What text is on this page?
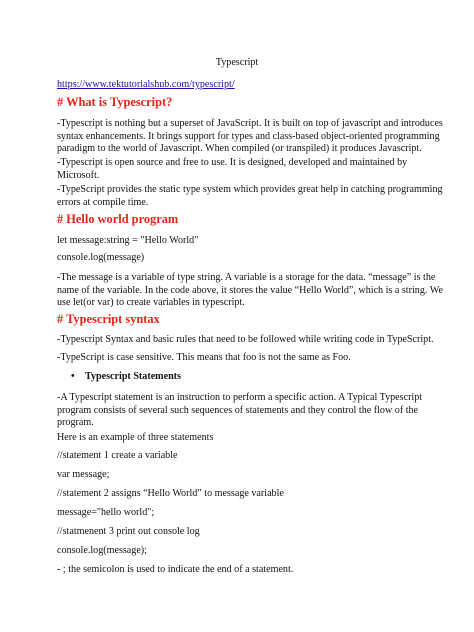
Typescript
https://www.tektutorialshub.com/typescript/
# What is Typescript?
-Typescript is nothing but a superset of JavaScript. It is built on top of javascript and introduces
syntax enhancements. It brings support for types and class-based object-oriented programming
paradigm to the world of Javascript. When compiled (or transpiled) it produces Javascript.
-Typescript is open source and free to use. It is designed, developed and maintained by
Microsoft.
-TypeScript provides the static type system which provides great help in catching programming
errors at compile time.
# Hello world program
let message:string = "Hello World"
console.log(message)
-The message is a variable of type string. A variable is a storage for the data. “message” is the
name of the variable. In the code above, it stores the value “Hello World”, which is a string. We
use let(or var) to create variables in typescript.
# Typescript syntax
-Typescript Syntax and basic rules that need to be followed while writing code in TypeScript.
-TypeScript is case sensitive. This means that foo is not the same as Foo.
• Typescript Statements
-A Typescript statement is an instruction to perform a specific action. A Typical Typescript
program consists of several such sequences of statements and they control the flow of the
program.
Here is an example of three statements
//statement 1 create a variable
var message;
//statement 2 assigns “Hello World” to message variable
message="hello world";
//statmenent 3 print out console log
console.log(message);
- ; the semicolon is used to indicate the end of a statement.
